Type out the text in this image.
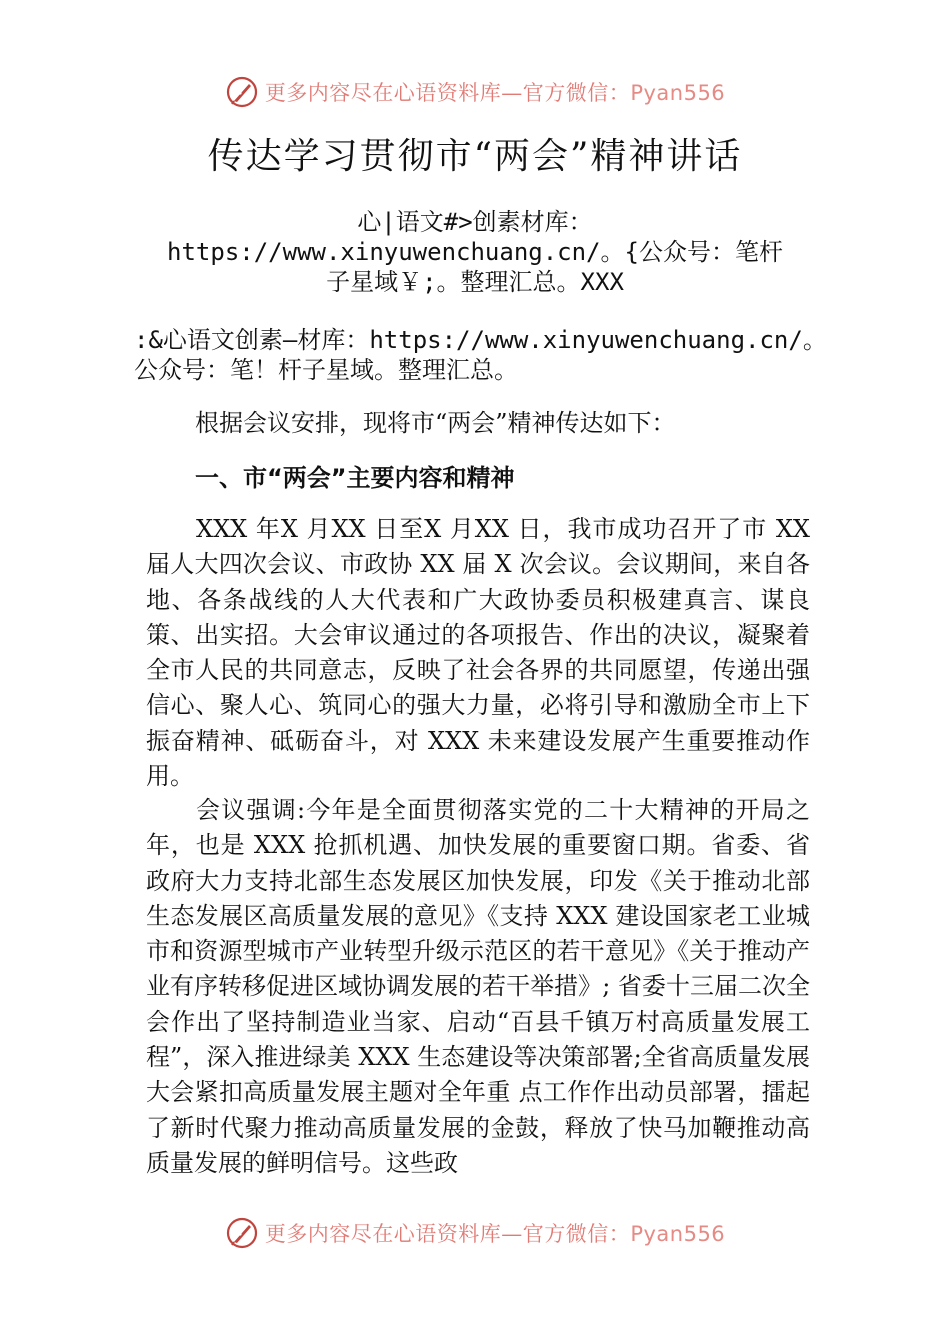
更多内容尽在心语资料库—官方微信：Pyan556
传达学习贯彻市“两会”精神讲话
心|语文#>创素材库：https://www.xinyuwenchuang.cn/。{公众号：笔杆子星域￥;。整理汇总。XXX
:&心语文创素—材库：https://www.xinyuwenchuang.cn/。公众号：笔！杆子星域。整理汇总。
根据会议安排，现将市“两会”精神传达如下：
一、市“两会”主要内容和精神
XXX 年X 月XX 日至X 月XX 日，我市成功召开了市 XX届人大四次会议、市政协 XX 届 X 次会议。会议期间，来自各地、各条战线的人大代表和广大政协委员积极建真言、谋良策、出实招。大会审议通过的各项报告、作出的决议，凝聚着全市人民的共同意志，反映了社会各界的共同愿望，传递出强信心、聚人心、筑同心的强大力量，必将引导和激励全市上下振奋精神、砥砺奋斗，对 XXX 未来建设发展产生重要推动作用。
会议强调:今年是全面贯彻落实党的二十大精神的开局之年，也是 XXX 抢抓机遇、加快发展的重要窗口期。省委、省政府大力支持北部生态发展区加快发展，印发《关于推动北部生态发展区高质量发展的意见》《支持 XXX 建设国家老工业城市和资源型城市产业转型升级示范区的若干意见》《关于推动产业有序转移促进区域协调发展的若干举措》; 省委十三届二次全会作出了坚持制造业当家、启动“百县千镇万村高质量发展工程”，深入推进绿美 XXX 生态建设等决策部署;全省高质量发展大会紧扣高质量发展主题对全年重 点工作作出动员部署，擂起了新时代聚力推动高质量发展的金鼓，释放了快马加鞭推动高质量发展的鲜明信号。这些政
更多内容尽在心语资料库—官方微信：Pyan556
